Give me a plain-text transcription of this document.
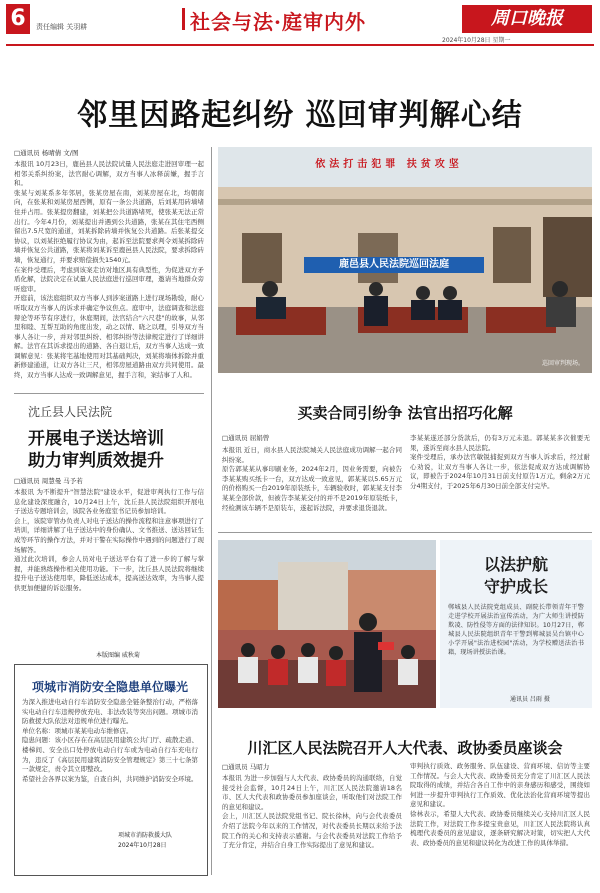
6	责任编辑 关羽耕	社会与法·庭审内外	周口晚报
2024年10月28日 星期一
邻里因路起纠纷 巡回审判解心结
□通讯员 杨晴倩 文/图
本报讯 10月23日，鹿邑县人民法院试量人民法庭走进回审理一起相邻关系纠纷案，法官耐心调解，双方当事人冰释前嫌，握手言和。
张某与刘某系多年邻居，张某房屋在南，刘某房屋在北，均朝南向，在张某和刘某房屋西侧，原有一条公共道路，后刘某用砖墙堵住并占用。张某提房翻建，刘某把公共道路堵死，使张某无法正常出行。今年4月份，刘某提出并遇到公共道路，张某在其住宅西侧留出7.5尺宽的通道，刘某拆除砖墙并恢复公共道路。后张某提交协议，以刘某拒绝履行协议为由，起诉至法院要求判令刘某拆除砖墙并恢复公共道路，张某将刘某诉至鹿邑县人民法院，要求拆除砖墙，恢复通行，并要求赔偿损失1540元。
在案件受理后，考虑到该案走访对地区具有典型性，为促进双方矛盾化解，法院决定在试量人民法庭进行巡回审理，邀请当地群众旁听庭审。
开庭前，该法庭组织双方当事人到涉案道路上进行现场勘验，耐心听取双方当事人的诉求并确定争议焦点。庭审中，法庭调查和法庭辩论等环节有序进行，休庭期间，法官结合"六尺巷"的故事，从邻里和睦、互帮互助的角度出发，动之以情、晓之以理，引导双方当事人各让一步，并对邻里纠纷、相邻纠纷等法律规定进行了详细讲解。法官在其诉求提出的道路、各自退让后，双方当事人达成一致调解意见：张某将宅基地使用对其基础判决，刘某将墙体拆除并重新修建通道，让双方各让三尺，相邻房屋道路由双方共同使用。最终，双方当事人达成一致调解意见，握手言和，案结事了人和。
依法打击犯罪 扶贫攻坚
鹿邑县人民法院巡回法庭
巡回审判现场。
沈丘县人民法院
开展电子送达培训
助力审判质效提升
□通讯员 周慧曼 马予若
本报讯 为不断提升"智慧法院"建设水平，促进审判执行工作与信息化建设深度融合，10月24日上午，沈丘县人民法院组织开展电子送达专题培训会，该院各业务庭室书记员参加培训。
会上，该院审管办负责人对电子送达的操作流程和注意事项进行了培训，详细讲解了电子送达中的身份确认、文书推送、送达回证生成等环节的操作方法，并对干警在实际操作中遇到的问题进行了现场解答。
通过此次培训，参会人员对电子送达平台有了进一步的了解与掌握，并能熟练操作相关使用功能。下一步，沈丘县人民法院将继续提升电子送达使用率，降低送达成本，提高送达效率，为当事人提供更加便捷的诉讼服务。
本版图编 威秋菊
项城市消防安全隐患单位曝光
为深入推进电动自行车消防安全隐患全链条整治行动，严格落实电动自行车违规停放充电、非法改装等突出问题。项城市消防救援大队依法对违规单位进行曝光。
单位名称：项城市某某电动车维修店。
隐患问题：该小区存在在高层民用建筑公共门厅、疏散走道、楼梯间、安全出口处停放电动自行车或为电动自行车充电行为，违反了《高层民用建筑消防安全管理规定》第三十七条第一款规定，责令其立即整改。
希望社会各界以案为鉴，自查自纠，共同维护消防安全环境。
项城市消防救援大队
2024年10月28日
买卖合同引纷争 法官出招巧化解
□通讯员 屈娟曾
本报讯 近日，商水县人民法院城关人民法庭成功调解一起合同纠纷案。
原告郭某某从事印刷业务，2024年2月，因业务需要，向被告李某某购买纸卡一台，双方达成一致意见，郭某某以5.65万元的价格购买一台2019年原装纸卡，车辆验收时，郭某某支付李某某全部价款，但被告李某某交付的并不是2019年原装纸卡，经检测该车辆不是原装车，遂起诉法院，并要求退货退款。
李某某遂还部分货款后，仍有3万元未退。郭某某多次催要无果，遂诉至商水县人民法院。
案件受理后，承办法官敏锐捕捉到双方当事人诉求后，经过耐心劝说，让双方当事人各让一步，依法促成双方达成调解协议，即被告于2024年10月31日前支付原告1万元，剩余2万元分4期支付，于2025年6月30日前全部支付完毕。
以法护航
守护成长
郸城县人民法院党组成员、副院长带领青年干警走进学校开展法治宣传活动，为广大师生讲授防欺凌、防性侵等方面的法律知识。10月27日，郸城县人民法院组织青年干警到郸城县吴台镇中心小学开展"法治进校园"活动，为学校赠送法治书籍，现场讲授法治课。
通讯员 吕雨 摄
川汇区人民法院召开人大代表、政协委员座谈会
□通讯员 马昭力
本报讯 为进一步加强与人大代表、政协委员的沟通联络，自觉接受社会监督，10月24日上午，川汇区人民法院邀请18名市、区人大代表和政协委员参加座谈会，听取他们对法院工作的意见和建议。
会上，川汇区人民法院党组书记、院长徐林，向与会代表委员介绍了法院今年以来的工作情况，对代表委员长期以来给予法院工作的关心和支持表示感谢。与会代表委员对法院工作给予了充分肯定，并结合自身工作实际提出了意见和建议。
审判执行质效、政务服务、队伍建设、营商环境、信访等主要工作情况。与会人大代表、政协委员充分肯定了川汇区人民法院取得的成绩，并结合各自工作中的亲身感历和感受，围绕如何进一步提升审判执行工作质效、优化法治化营商环境等提出意见和建议。
徐林表示，希望人大代表、政协委员继续关心支持川汇区人民法院工作，对法院工作多提宝贵意见，川汇区人民法院将认真梳理代表委员的意见建议，逐条研究解决对策，切实把人大代表、政协委员的意见和建议转化为改进工作的具体举措。
